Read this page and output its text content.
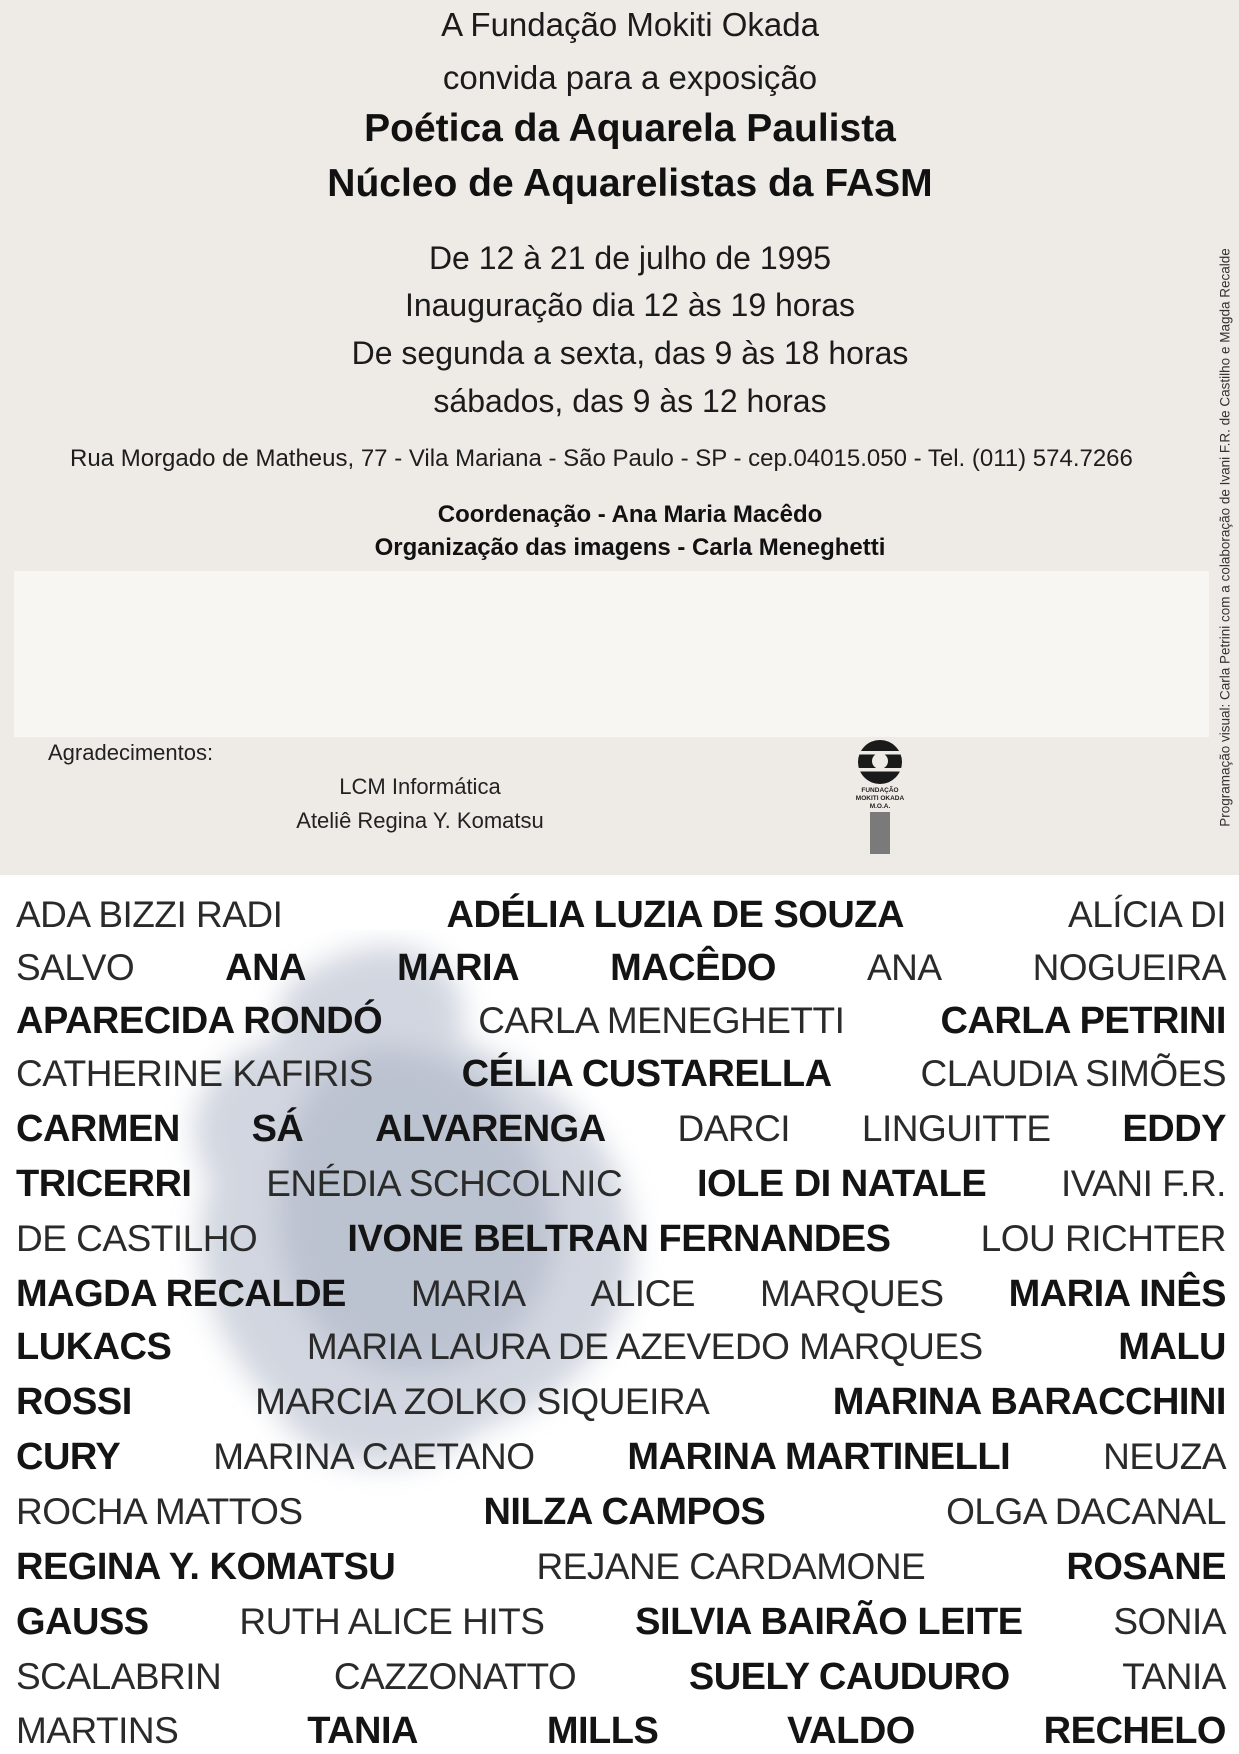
A Fundação Mokiti Okada
convida para a exposição
Poética da Aquarela Paulista
Núcleo de Aquarelistas da FASM
De 12 à 21 de julho de 1995
Inauguração dia 12 às 19 horas
De segunda a sexta, das 9 às 18 horas
sábados, das 9 às 12 horas
Rua Morgado de Matheus, 77 - Vila Mariana - São Paulo - SP - cep.04015.050 - Tel. (011) 574.7266
Coordenação - Ana Maria Macêdo
Organização das imagens - Carla Meneghetti
Agradecimentos:
LCM Informática
Ateliê Regina Y. Komatsu
FUNDAÇÃO
MOKITI OKADA
M.O.A.	Programação visual: Carla Petrini com a colaboração de Ivani F.R. de Castilho e Magda Recalde
ADA BIZZI RADI	ADÉLIA LUZIA DE SOUZA	ALÍCIA DI
SALVO ANA MARIA MACÊDO ANA NOGUEIRA
APARECIDA RONDÓ	CARLA MENEGHETTI	CARLA PETRINI
CATHERINE KAFIRIS CÉLIA CUSTARELLA CLAUDIA SIMÕES
CARMEN SÁ ALVARENGA DARCI LINGUITTE EDDY
TRICERRI ENÉDIA SCHCOLNIC IOLE DI NATALE IVANI F.R.
DE CASTILHO IVONE BELTRAN FERNANDES LOU RICHTER
MAGDA RECALDE MARIA ALICE MARQUES MARIA INÊS
LUKACS	MARIA LAURA DE AZEVEDO MARQUES	MALU
ROSSI	MARCIA ZOLKO SIQUEIRA	MARINA BARACCHINI
CURY	MARINA CAETANO MARINA MARTINELLI	NEUZA
ROCHA MATTOS	NILZA CAMPOS	OLGA DACANAL
REGINA Y. KOMATSU	REJANE CARDAMONE	ROSANE
GAUSS RUTH ALICE HITS SILVIA BAIRÃO LEITE SONIA
SCALABRIN	CAZZONATTO	SUELY CAUDURO	TANIA
MARTINS	TANIA	MILLS	VALDO	RECHELO
